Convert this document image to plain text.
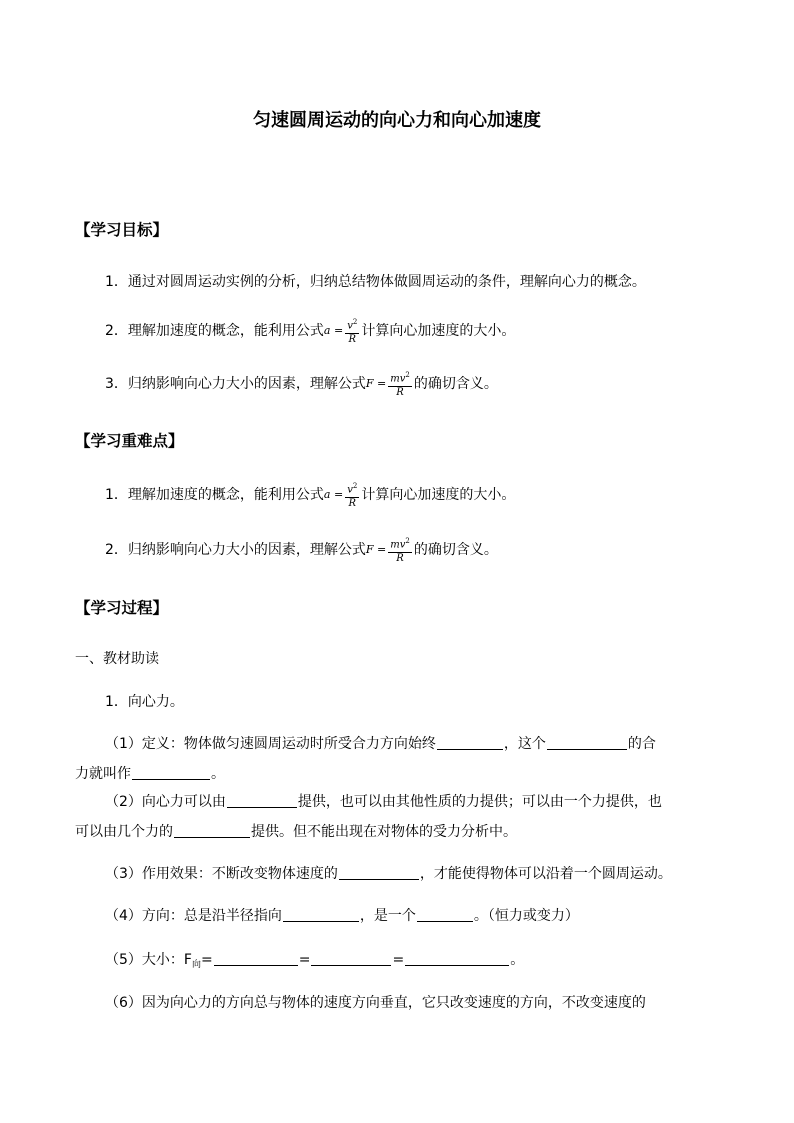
匀速圆周运动的向心力和向心加速度
【学习目标】
1．通过对圆周运动实例的分析，归纳总结物体做圆周运动的条件，理解向心力的概念。
2．理解加速度的概念，能利用公式 $a = \frac{v^2}{R}$ 计算向心加速度的大小。
3．归纳影响向心力大小的因素，理解公式 $F = \frac{mv^2}{R}$ 的确切含义。
【学习重难点】
1．理解加速度的概念，能利用公式 $a = \frac{v^2}{R}$ 计算向心加速度的大小。
2．归纳影响向心力大小的因素，理解公式 $F = \frac{mv^2}{R}$ 的确切含义。
【学习过程】
一、教材助读
1．向心力。
（1）定义：物体做匀速圆周运动时所受合力方向始终	，这个	的合
力就叫作	。
（2）向心力可以由	提供，也可以由其他性质的力提供；可以由一个力提供，也
可以由几个力的	提供。但不能出现在对物体的受力分析中。
（3）作用效果：不断改变物体速度的	，才能使得物体可以沿着一个圆周运动。
（4）方向：总是沿半径指向	，是一个	。（恒力或变力）
（5）大小：$F_向=$	=	=	。
（6）因为向心力的方向总与物体的速度方向垂直，它只改变速度的方向，不改变速度的
